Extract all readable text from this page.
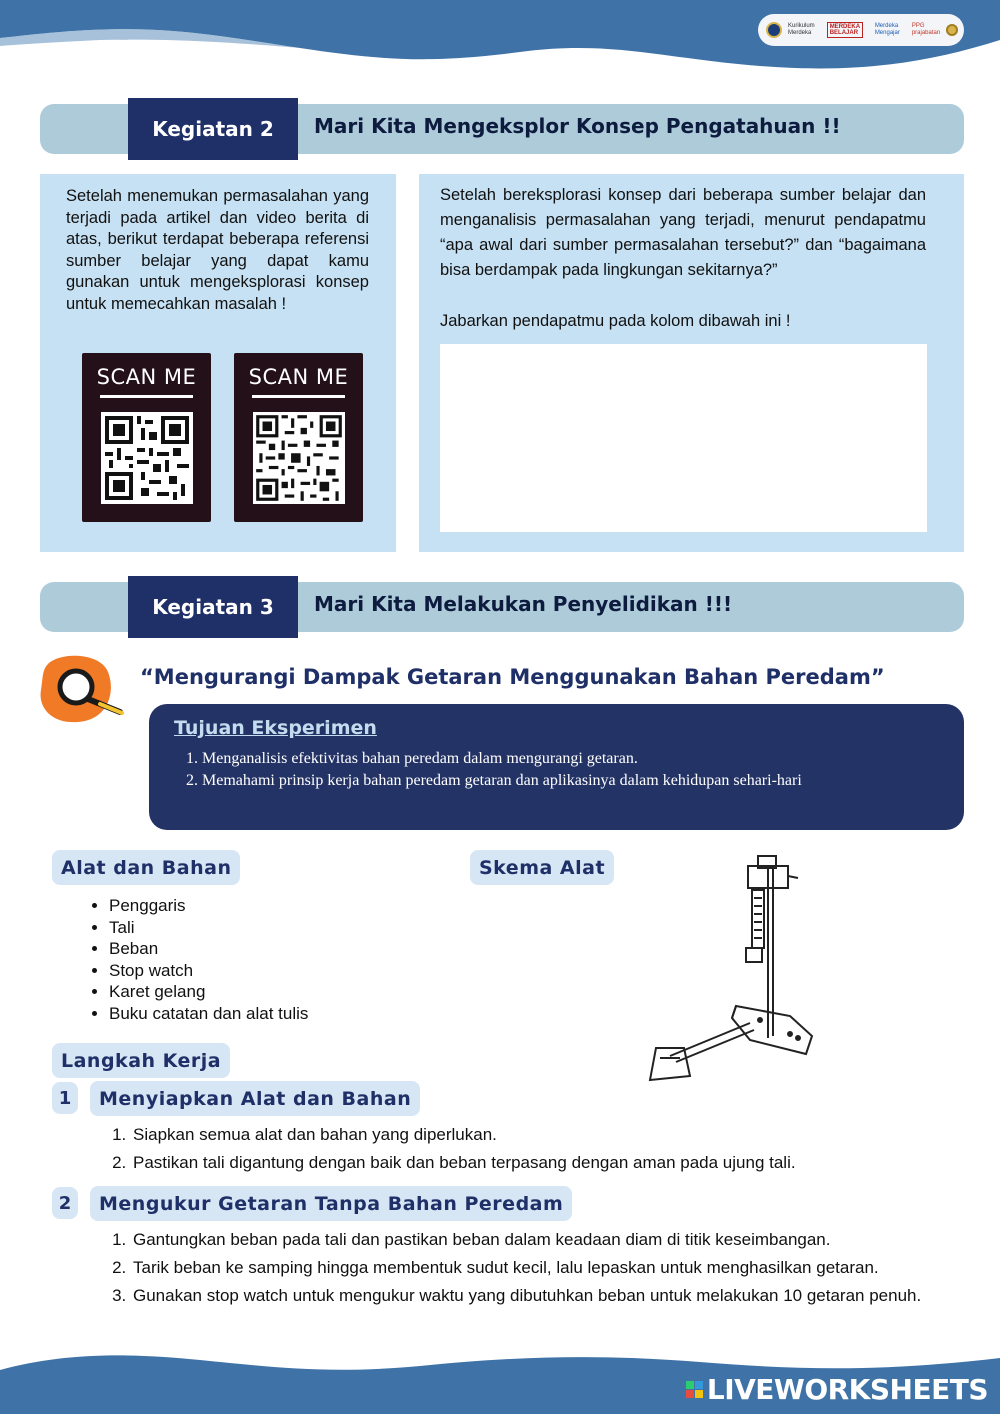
Kurikulum Merdeka
MERDEKA BELAJAR
Merdeka Mengajar
PPG prajabatan
Kegiatan 2	Mari Kita Mengeksplor Konsep Pengatahuan !!
Setelah menemukan permasalahan yang terjadi pada artikel dan video berita di atas, berikut terdapat beberapa referensi sumber belajar yang dapat kamu gunakan untuk mengeksplorasi konsep untuk memecahkan masalah !
SCAN ME	SCAN ME
Setelah bereksplorasi konsep dari beberapa sumber belajar dan menganalisis permasalahan yang terjadi, menurut pendapatmu “apa awal dari sumber permasalahan tersebut?” dan “bagaimana bisa berdampak pada lingkungan sekitarnya?”
Jabarkan pendapatmu pada kolom dibawah ini !
Kegiatan 3	Mari Kita Melakukan Penyelidikan !!!
“Mengurangi Dampak Getaran Menggunakan Bahan Peredam”
Tujuan Eksperimen
1. Menganalisis efektivitas bahan peredam dalam mengurangi getaran.
2. Memahami prinsip kerja bahan peredam getaran dan aplikasinya dalam kehidupan sehari-hari
Alat dan Bahan
• Penggaris
• Tali
• Beban
• Stop watch
• Karet gelang
• Buku catatan dan alat tulis
Skema Alat
Langkah Kerja
1	Menyiapkan Alat dan Bahan
1. Siapkan semua alat dan bahan yang diperlukan.
2. Pastikan tali digantung dengan baik dan beban terpasang dengan aman pada ujung tali.
2	Mengukur Getaran Tanpa Bahan Peredam
1. Gantungkan beban pada tali dan pastikan beban dalam keadaan diam di titik keseimbangan.
2. Tarik beban ke samping hingga membentuk sudut kecil, lalu lepaskan untuk menghasilkan getaran.
3. Gunakan stop watch untuk mengukur waktu yang dibutuhkan beban untuk melakukan 10 getaran penuh.
LIVEWORKSHEETS
